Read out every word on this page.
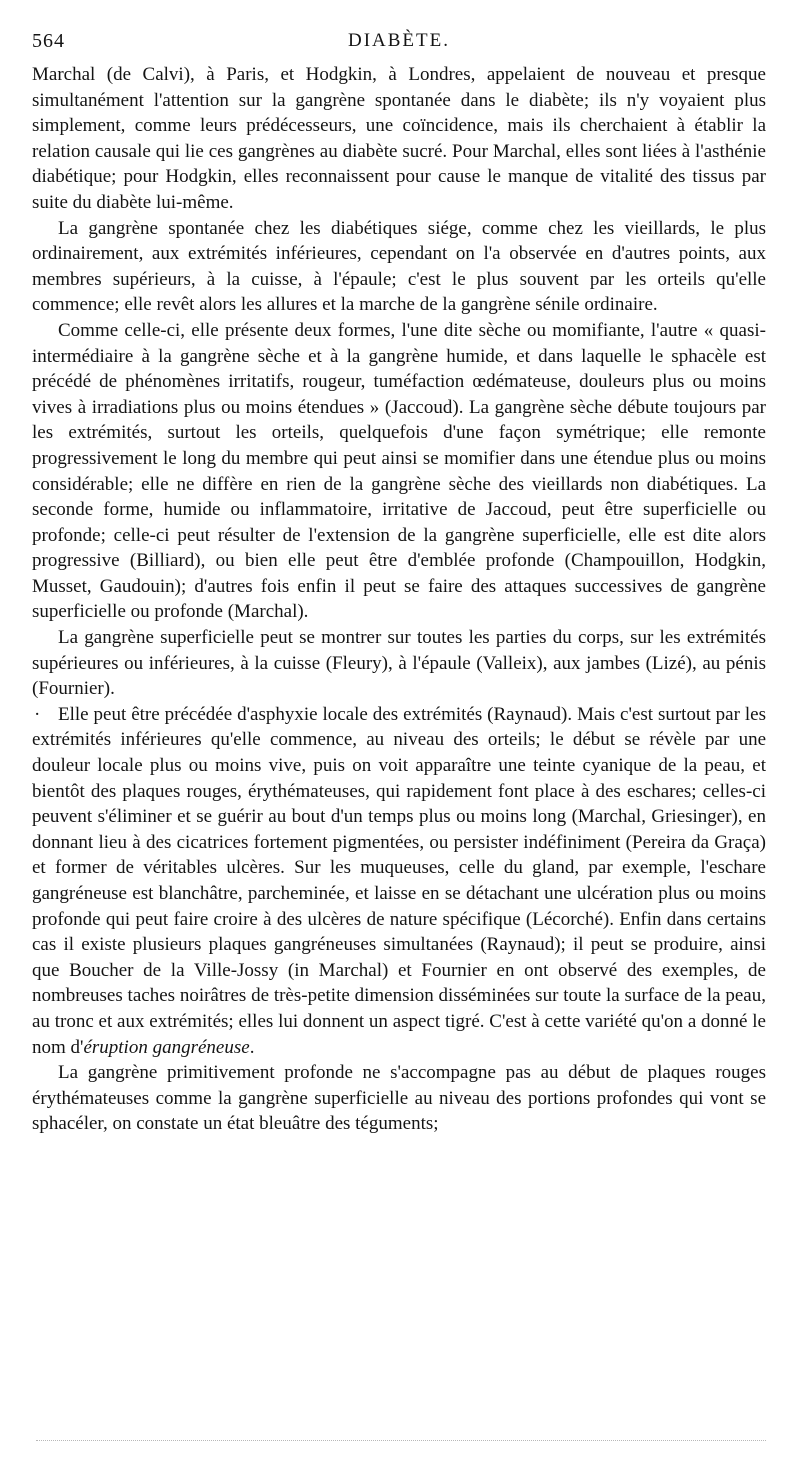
564	DIABÈTE.

Marchal (de Calvi), à Paris, et Hodgkin, à Londres, appelaient de nouveau et presque simultanément l'attention sur la gangrène spontanée dans le diabète; ils n'y voyaient plus simplement, comme leurs prédécesseurs, une coïncidence, mais ils cherchaient à établir la relation causale qui lie ces gangrènes au diabète sucré. Pour Marchal, elles sont liées à l'asthénie diabétique; pour Hodgkin, elles reconnaissent pour cause le manque de vitalité des tissus par suite du diabète lui-même.

La gangrène spontanée chez les diabétiques siége, comme chez les vieillards, le plus ordinairement, aux extrémités inférieures, cependant on l'a observée en d'autres points, aux membres supérieurs, à la cuisse, à l'épaule; c'est le plus souvent par les orteils qu'elle commence; elle revêt alors les allures et la marche de la gangrène sénile ordinaire.

Comme celle-ci, elle présente deux formes, l'une dite sèche ou momifiante, l'autre « quasi-intermédiaire à la gangrène sèche et à la gangrène humide, et dans laquelle le sphacèle est précédé de phénomènes irritatifs, rougeur, tuméfaction œdémateuse, douleurs plus ou moins vives à irradiations plus ou moins étendues » (Jaccoud). La gangrène sèche débute toujours par les extrémités, surtout les orteils, quelquefois d'une façon symétrique; elle remonte progressivement le long du membre qui peut ainsi se momifier dans une étendue plus ou moins considérable; elle ne diffère en rien de la gangrène sèche des vieillards non diabétiques. La seconde forme, humide ou inflammatoire, irritative de Jaccoud, peut être superficielle ou profonde; celle-ci peut résulter de l'extension de la gangrène superficielle, elle est dite alors progressive (Billiard), ou bien elle peut être d'emblée profonde (Champouillon, Hodgkin, Musset, Gaudouin); d'autres fois enfin il peut se faire des attaques successives de gangrène superficielle ou profonde (Marchal).

La gangrène superficielle peut se montrer sur toutes les parties du corps, sur les extrémités supérieures ou inférieures, à la cuisse (Fleury), à l'épaule (Valleix), aux jambes (Lizé), au pénis (Fournier).

· Elle peut être précédée d'asphyxie locale des extrémités (Raynaud). Mais c'est surtout par les extrémités inférieures qu'elle commence, au niveau des orteils; le début se révèle par une douleur locale plus ou moins vive, puis on voit apparaître une teinte cyanique de la peau, et bientôt des plaques rouges, érythémateuses, qui rapidement font place à des eschares; celles-ci peuvent s'éliminer et se guérir au bout d'un temps plus ou moins long (Marchal, Griesinger), en donnant lieu à des cicatrices fortement pigmentées, ou persister indéfiniment (Pereira da Graça) et former de véritables ulcères. Sur les muqueuses, celle du gland, par exemple, l'eschare gangréneuse est blanchâtre, parcheminée, et laisse en se détachant une ulcération plus ou moins profonde qui peut faire croire à des ulcères de nature spécifique (Lécorché). Enfin dans certains cas il existe plusieurs plaques gangréneuses simultanées (Raynaud); il peut se produire, ainsi que Boucher de la Ville-Jossy (in Marchal) et Fournier en ont observé des exemples, de nombreuses taches noirâtres de très-petite dimension disséminées sur toute la surface de la peau, au tronc et aux extrémités; elles lui donnent un aspect tigré. C'est à cette variété qu'on a donné le nom d'éruption gangréneuse.

La gangrène primitivement profonde ne s'accompagne pas au début de plaques rouges érythémateuses comme la gangrène superficielle au niveau des portions profondes qui vont se sphacéler, on constate un état bleuâtre des téguments;
